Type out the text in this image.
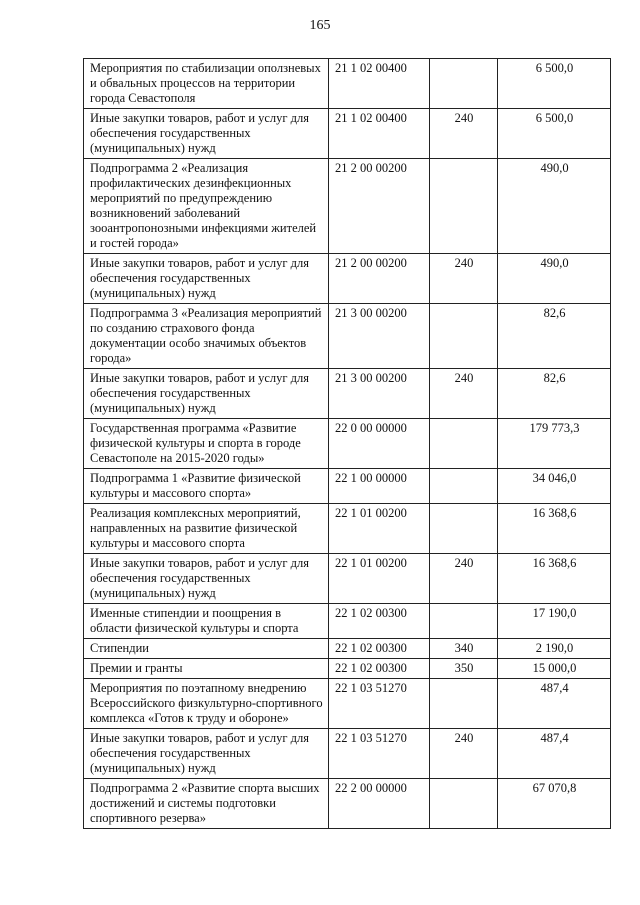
165
Мероприятия по стабилизации оползневых и обвальных процессов на территории города Севастополя	21 1 02 00400		6 500,0
Иные закупки товаров, работ и услуг для обеспечения государственных (муниципальных) нужд	21 1 02 00400	240	6 500,0
Подпрограмма 2 «Реализация профилактических дезинфекционных мероприятий по предупреждению возникновений заболеваний зооантропонозными инфекциями жителей и гостей города»	21 2 00 00200		490,0
Иные закупки товаров, работ и услуг для обеспечения государственных (муниципальных) нужд	21 2 00 00200	240	490,0
Подпрограмма 3 «Реализация мероприятий по созданию страхового фонда документации особо значимых объектов города»	21 3 00 00200		82,6
Иные закупки товаров, работ и услуг для обеспечения государственных (муниципальных) нужд	21 3 00 00200	240	82,6
Государственная программа «Развитие физической культуры и спорта в городе Севастополе на 2015-2020 годы»	22 0 00 00000		179 773,3
Подпрограмма 1 «Развитие физической культуры и массового спорта»	22 1 00 00000		34 046,0
Реализация комплексных мероприятий, направленных на развитие физической культуры и массового спорта	22 1 01 00200		16 368,6
Иные закупки товаров, работ и услуг для обеспечения государственных (муниципальных) нужд	22 1 01 00200	240	16 368,6
Именные стипендии и поощрения в области физической культуры и спорта	22 1 02 00300		17 190,0
Стипендии	22 1 02 00300	340	2 190,0
Премии и гранты	22 1 02 00300	350	15 000,0
Мероприятия по поэтапному внедрению Всероссийского физкультурно-спортивного комплекса «Готов к труду и обороне»	22 1 03 51270		487,4
Иные закупки товаров, работ и услуг для обеспечения государственных (муниципальных) нужд	22 1 03 51270	240	487,4
Подпрограмма 2 «Развитие спорта высших достижений и системы подготовки спортивного резерва»	22 2 00 00000		67 070,8
